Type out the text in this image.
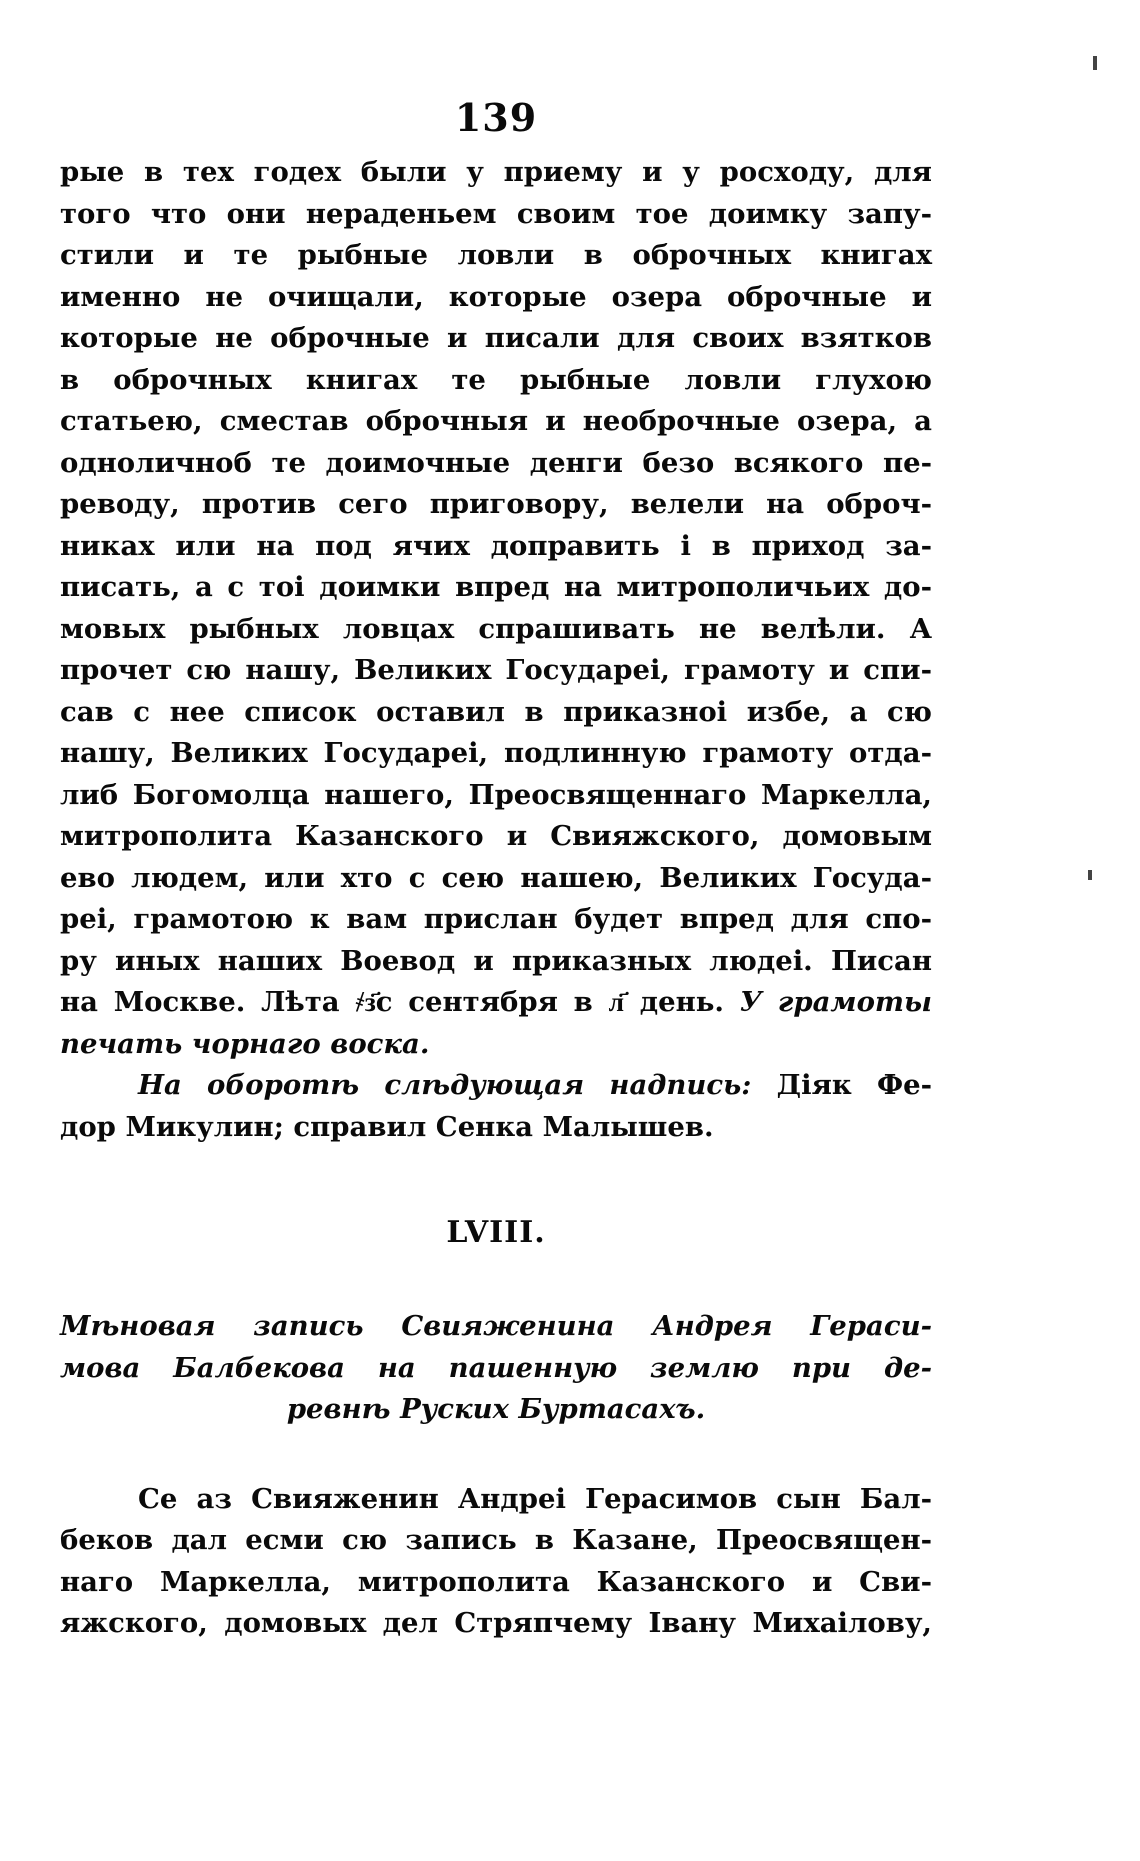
139
рые в тех годех были у приему и у росходу, для
того что они нераденьем своим тое доимку запу-
стили и те рыбные ловли в оброчных книгах
именно не очищали, которые озера оброчные и
которые не оброчные и писали для своих взятков
в оброчных книгах те рыбные ловли глухою
статьею, сместав оброчныя и необрочные озера, а
одноличноб те доимочные денги безо всякого пе-
реводу, против сего приговору, велели на оброч-
никах или на под ячих доправить і в приход за-
писать, а с тоі доимки впред на митрополичьих до-
мовых рыбных ловцах спрашивать не велѣли. А
прочет сю нашу, Великих Государеі, грамоту и спи-
сав с нее список оставил в приказноі избе, а сю
нашу, Великих Государеі, подлинную грамоту отда-
либ Богомолца нашего, Преосвященнаго Маркелла,
митрополита Казанского и Свияжского, домовым
ево людем, или хто с сею нашею, Великих Госуда-
реі, грамотою к вам прислан будет впред для спо-
ру иных наших Воевод и приказных людеі. Писан
на Москве. Лѣта ҂з҃с сентября в л҃ день. У грамоты
печать чорнаго воска.
На оборотѣ слѣдующая надпись: Діяк Фе-
дор Микулин; справил Сенка Малышев.
LVIII.
Мѣновая запись Свияженина Андрея Гераси-
мова Балбекова на пашенную землю при де-
ревнѣ Руских Буртасахъ.
Се аз Свияженин Андреі Герасимов сын Бал-
беков дал есми сю запись в Казане, Преосвящен-
наго Маркелла, митрополита Казанского и Сви-
яжского, домовых дел Стряпчему Івану Михаілову,
